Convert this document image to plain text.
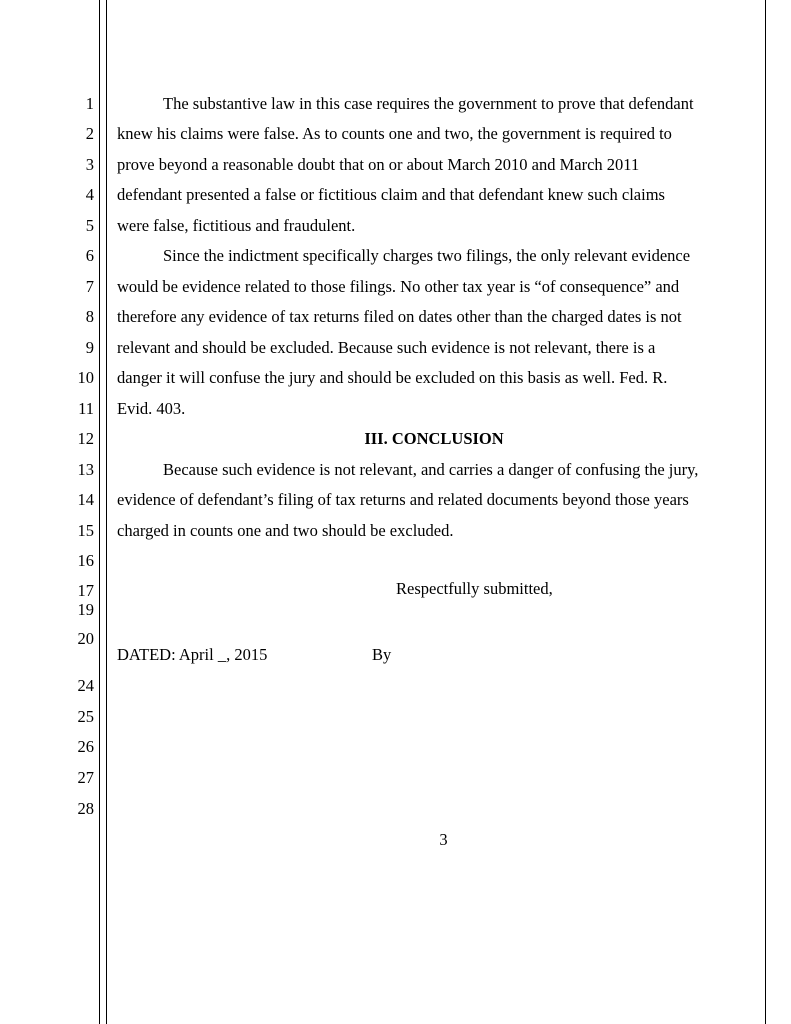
1
2
3
4
5
6
7
8
9
10
11
12
13
14
15
16
17
19
20
24
25
26
27
28
The substantive law in this case requires the government to prove that defendant
knew his claims were false. As to counts one and two, the government is required to
prove beyond a reasonable doubt that on or about March 2010 and March 2011
defendant presented a false or fictitious claim and that defendant knew such claims
were false, fictitious and fraudulent.
Since the indictment specifically charges two filings, the only relevant evidence
would be evidence related to those filings. No other tax year is “of consequence” and
therefore any evidence of tax returns filed on dates other than the charged dates is not
relevant and should be excluded. Because such evidence is not relevant, there is a
danger it will confuse the jury and should be excluded on this basis as well. Fed. R.
Evid. 403.
III. CONCLUSION
Because such evidence is not relevant, and carries a danger of confusing the jury,
evidence of defendant’s filing of tax returns and related documents beyond those years
charged in counts one and two should be excluded.
Respectfully submitted,
DATED: April _, 2015	By
3
